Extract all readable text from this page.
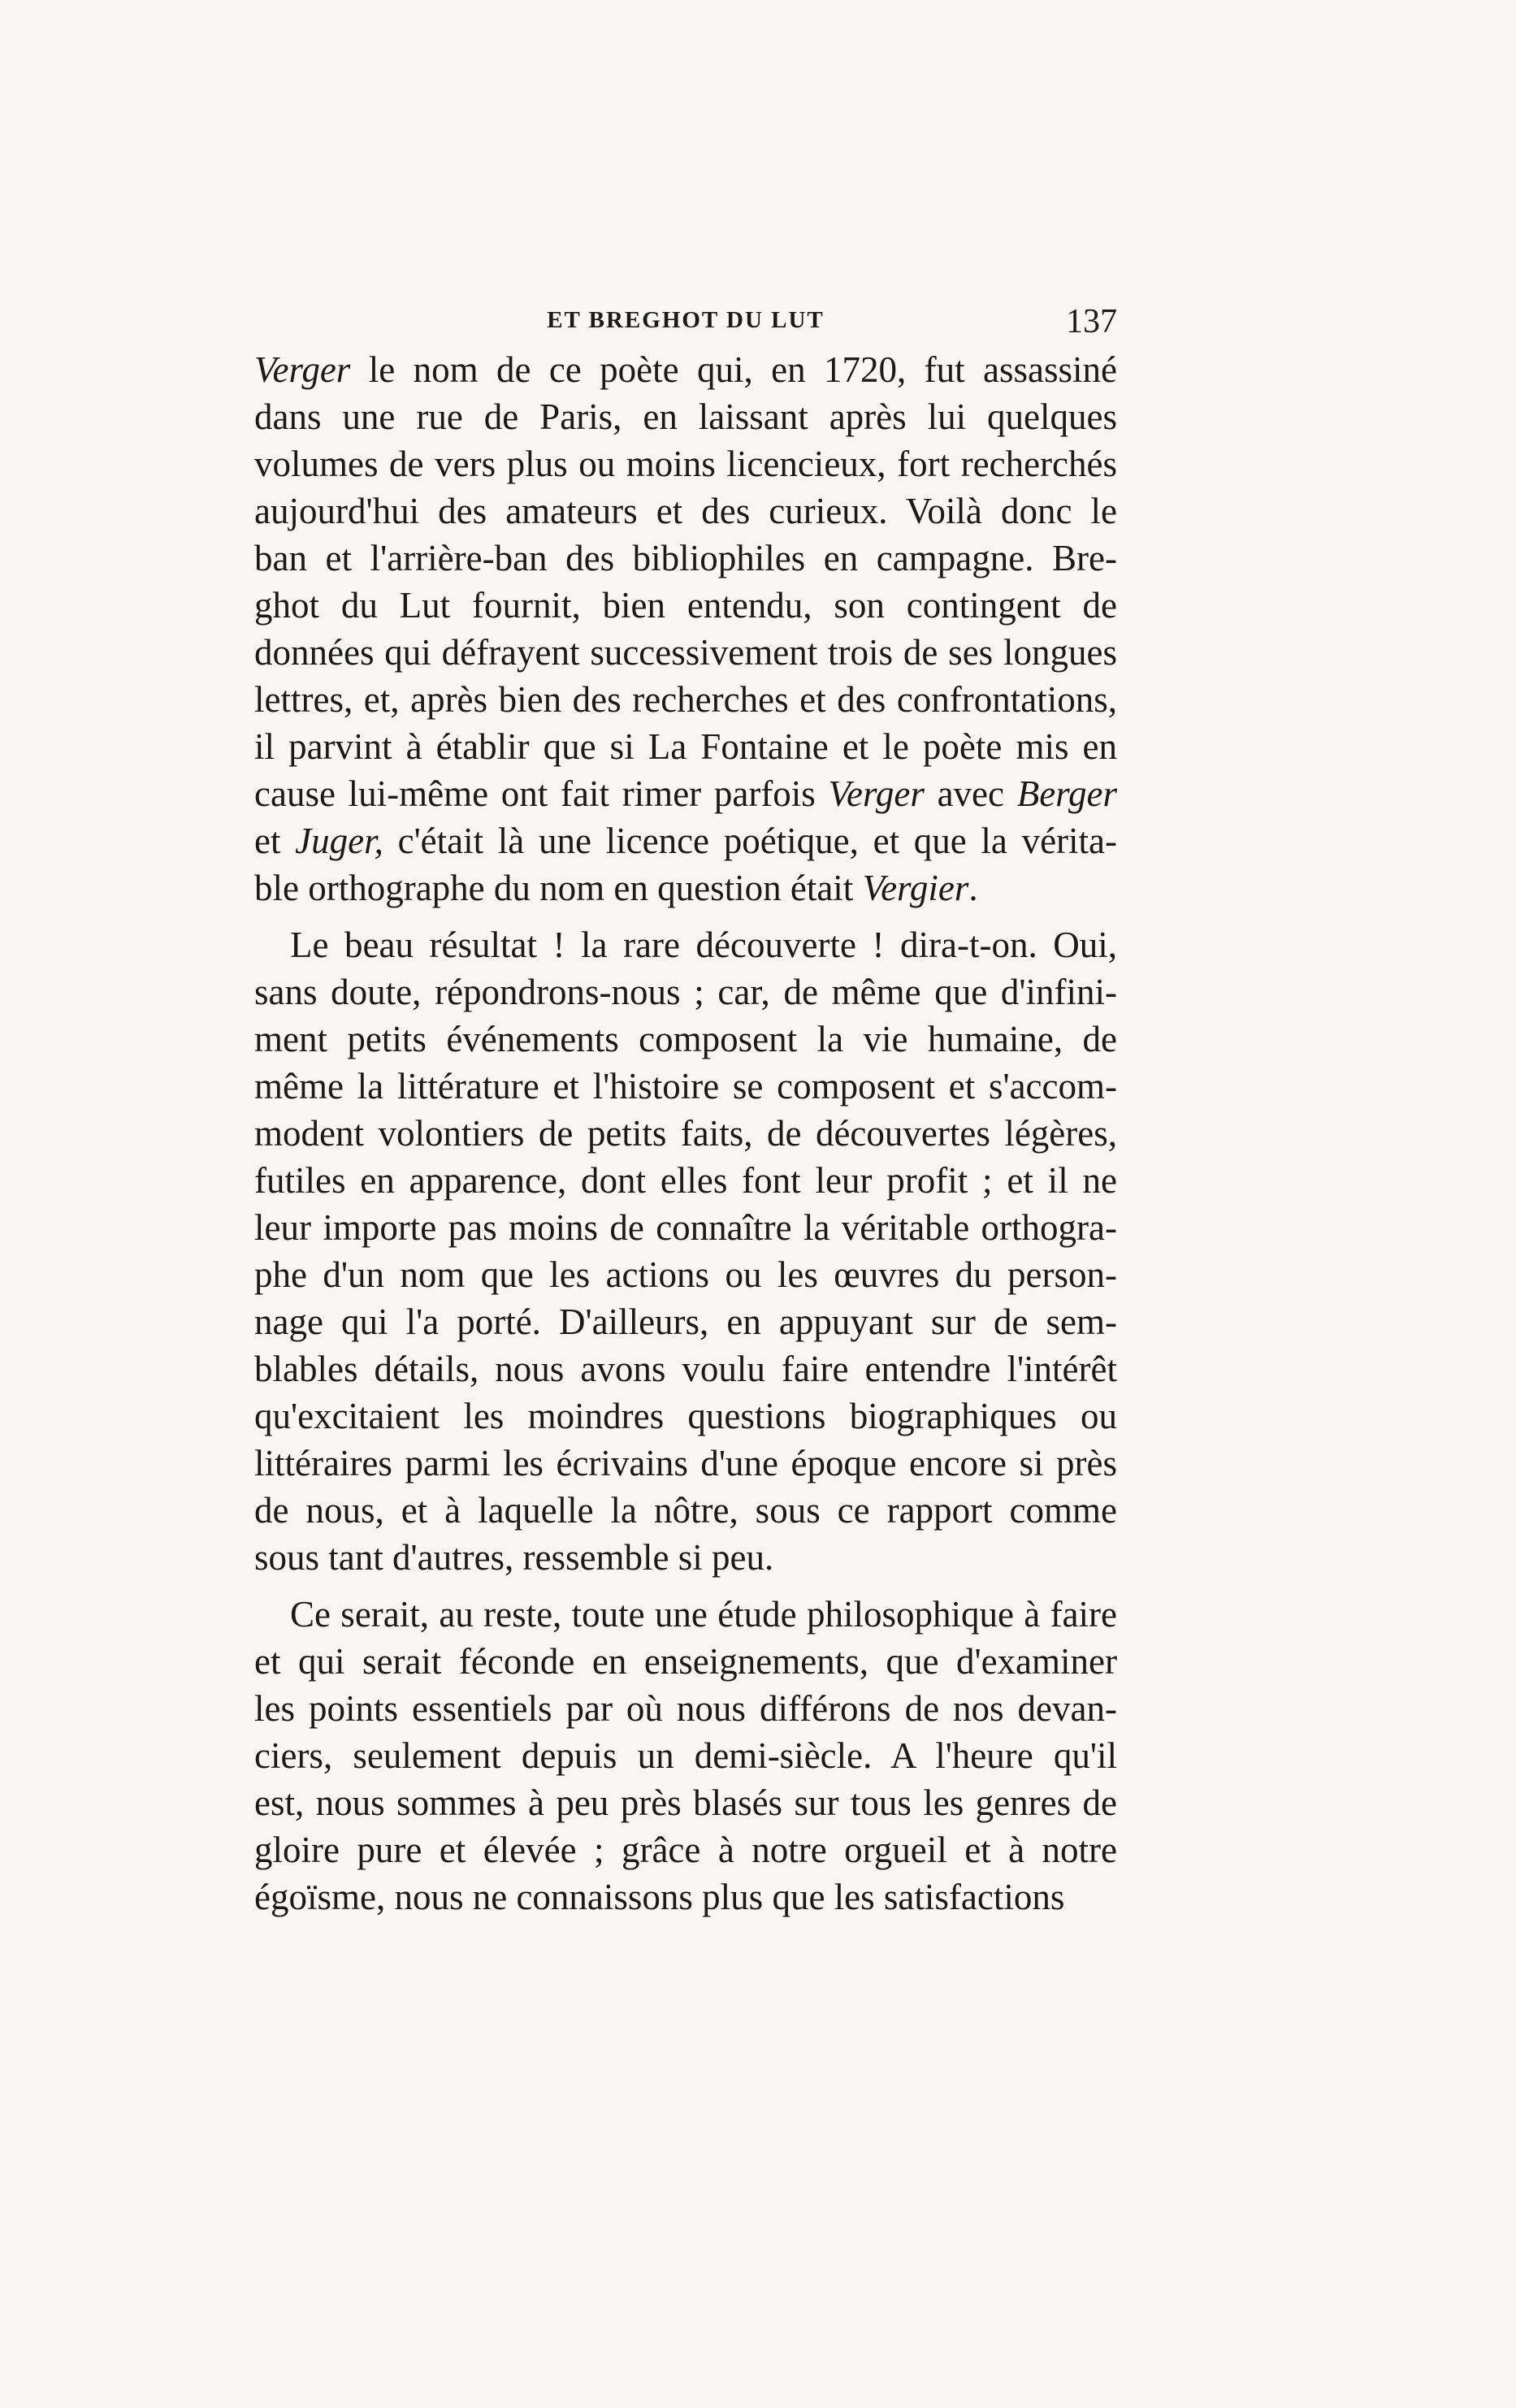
ET BREGHOT DU LUT	137
Verger le nom de ce poète qui, en 1720, fut assassiné
dans une rue de Paris, en laissant après lui quelques
volumes de vers plus ou moins licencieux, fort recherchés
aujourd'hui des amateurs et des curieux. Voilà donc le
ban et l'arrière-ban des bibliophiles en campagne. Bre-
ghot du Lut fournit, bien entendu, son contingent de
données qui défrayent successivement trois de ses longues
lettres, et, après bien des recherches et des confrontations,
il parvint à établir que si La Fontaine et le poète mis en
cause lui-même ont fait rimer parfois Verger avec Berger
et Juger, c'était là une licence poétique, et que la vérita-
ble orthographe du nom en question était Vergier.
Le beau résultat ! la rare découverte ! dira-t-on. Oui,
sans doute, répondrons-nous ; car, de même que d'infini-
ment petits événements composent la vie humaine, de
même la littérature et l'histoire se composent et s'accom-
modent volontiers de petits faits, de découvertes légères,
futiles en apparence, dont elles font leur profit ; et il ne
leur importe pas moins de connaître la véritable orthogra-
phe d'un nom que les actions ou les œuvres du person-
nage qui l'a porté. D'ailleurs, en appuyant sur de sem-
blables détails, nous avons voulu faire entendre l'intérêt
qu'excitaient les moindres questions biographiques ou
littéraires parmi les écrivains d'une époque encore si près
de nous, et à laquelle la nôtre, sous ce rapport comme
sous tant d'autres, ressemble si peu.
Ce serait, au reste, toute une étude philosophique à faire
et qui serait féconde en enseignements, que d'examiner
les points essentiels par où nous différons de nos devan-
ciers, seulement depuis un demi-siècle. A l'heure qu'il
est, nous sommes à peu près blasés sur tous les genres de
gloire pure et élevée ; grâce à notre orgueil et à notre
égoïsme, nous ne connaissons plus que les satisfactions
